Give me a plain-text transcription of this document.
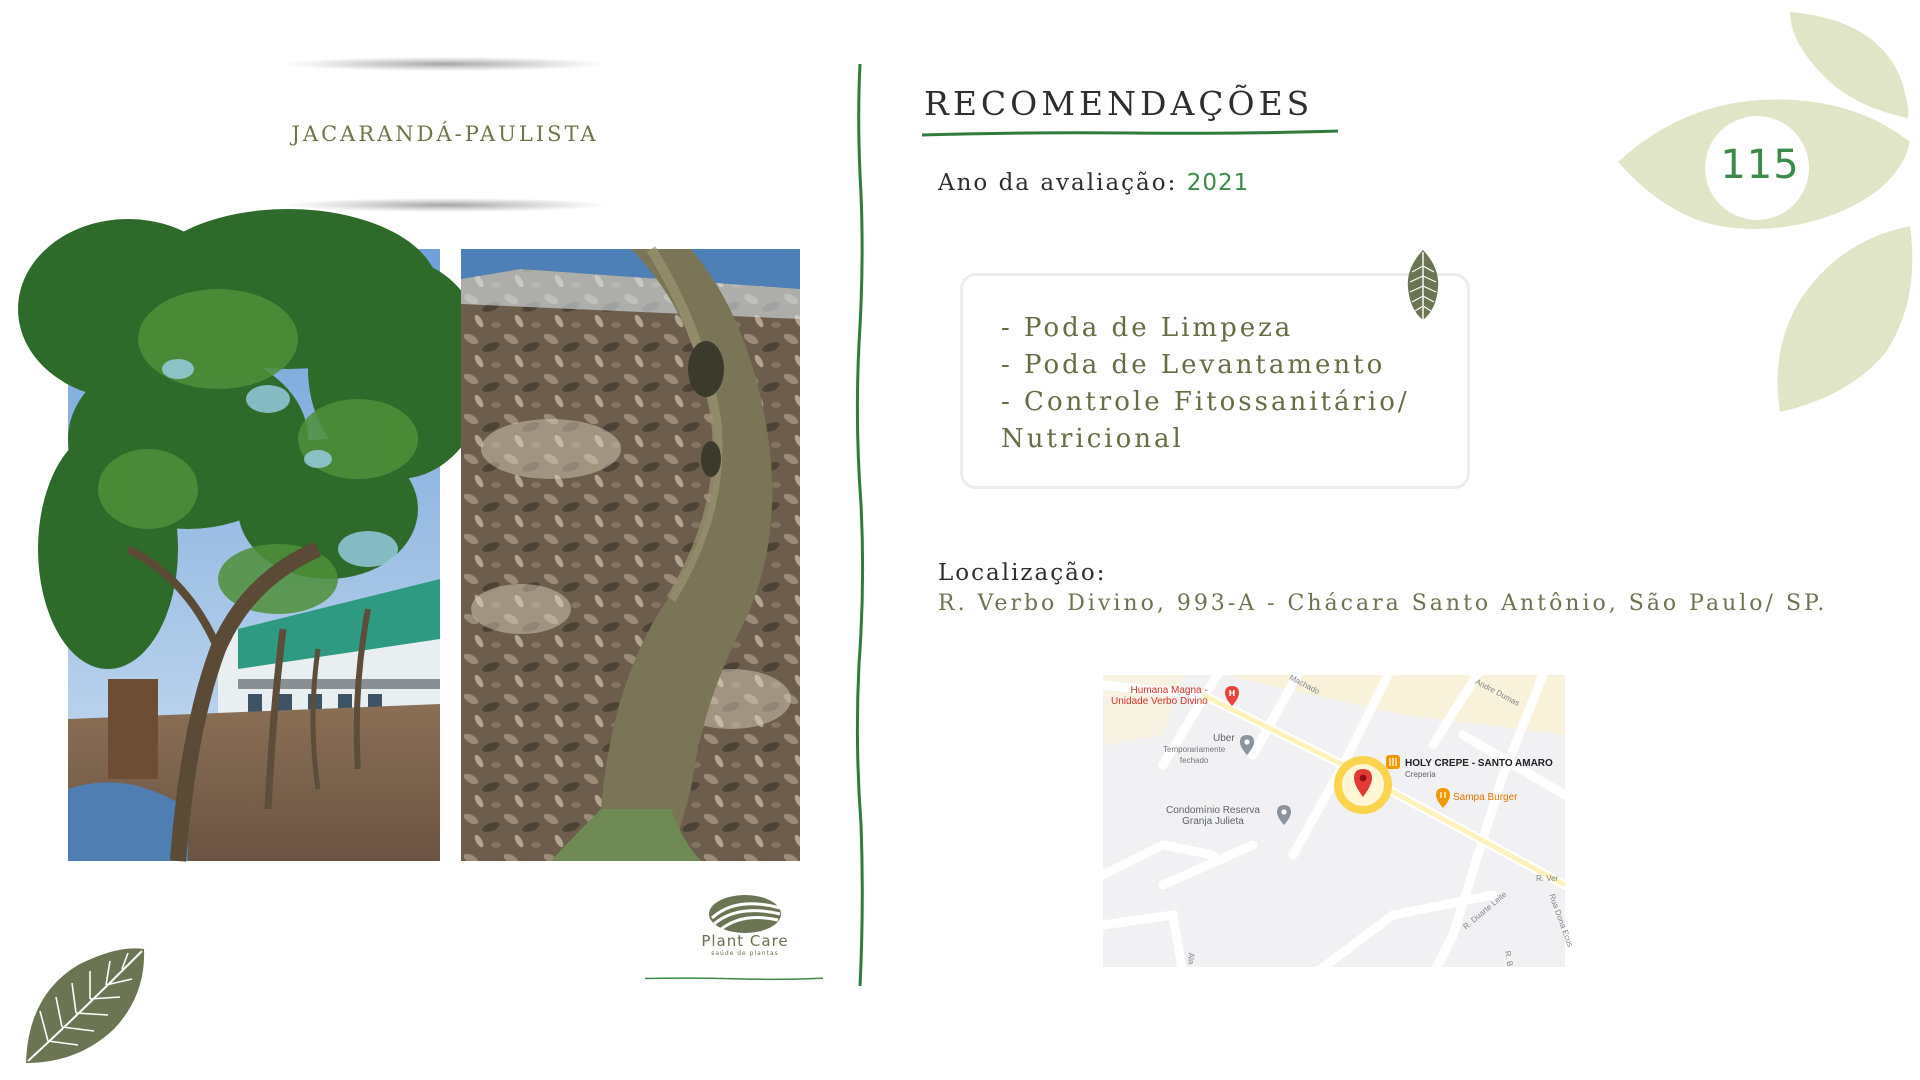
JACARANDÁ-PAULISTA
Plant Care
saúde de plantas
RECOMENDAÇÕES
Ano da avaliação: 2021
- Poda de Limpeza
- Poda de Levantamento
- Controle Fitossanitário/ Nutricional
Localização:
R. Verbo Divino, 993-A - Chácara Santo Antônio, São Paulo/ SP.
Humana Magna -
Unidade Verbo Divino
H
Uber
Temporariamente
fechado
Condomínio Reserva
Granja Julieta
HOLY CREPE - SANTO AMARO
Creperia
Sampa Burger
Machado	Andre Dumas
R. Ver
R. Duarte Leite	Rua Dona Ecus
Ala	R. B
115
